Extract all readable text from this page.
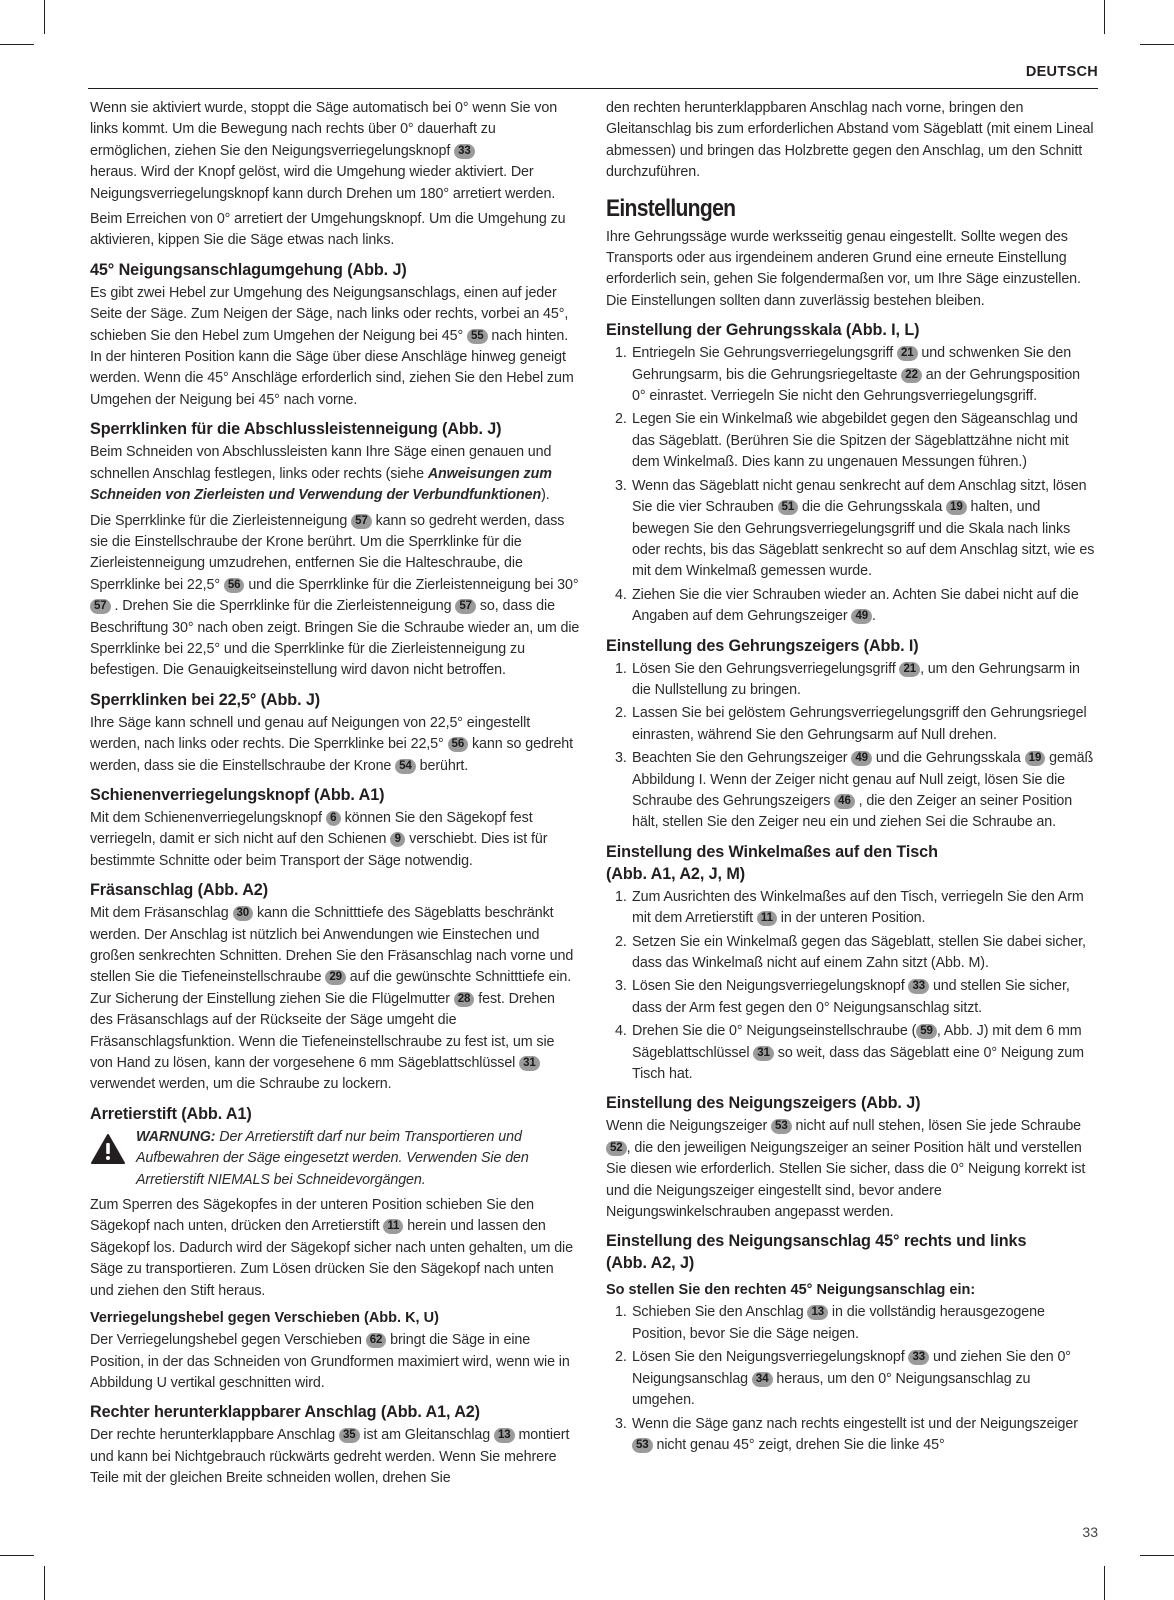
DEUTSCH

Wenn sie aktiviert wurde, stoppt die Säge automatisch bei 0° wenn Sie von links kommt. Um die Bewegung nach rechts über 0° dauerhaft zu ermöglichen, ziehen Sie den Neigungsverriegelungsknopf 33
heraus. Wird der Knopf gelöst, wird die Umgehung wieder aktiviert. Der Neigungsverriegelungsknopf kann durch Drehen um 180° arretiert werden.

Beim Erreichen von 0° arretiert der Umgehungsknopf. Um die Umgehung zu aktivieren, kippen Sie die Säge etwas nach links.

45° Neigungsanschlagumgehung (Abb. J)

Es gibt zwei Hebel zur Umgehung des Neigungsanschlags, einen auf jeder Seite der Säge. Zum Neigen der Säge, nach links oder rechts, vorbei an 45°, schieben Sie den Hebel zum Umgehen der Neigung bei 45° 55 nach hinten. In der hinteren Position kann die Säge über diese Anschläge hinweg geneigt werden. Wenn die 45° Anschläge erforderlich sind, ziehen Sie den Hebel zum Umgehen der Neigung bei 45° nach vorne.

Sperrklinken für die Abschlussleistenneigung (Abb. J)

Beim Schneiden von Abschlussleisten kann Ihre Säge einen genauen und schnellen Anschlag festlegen, links oder rechts (siehe Anweisungen zum Schneiden von Zierleisten und Verwendung der Verbundfunktionen).

Die Sperrklinke für die Zierleistenneigung 57 kann so gedreht werden, dass sie die Einstellschraube der Krone berührt. Um die Sperrklinke für die Zierleistenneigung umzudrehen, entfernen Sie die Halteschraube, die Sperrklinke bei 22,5° 56 und die Sperrklinke für die Zierleistenneigung bei 30° 57 . Drehen Sie die Sperrklinke für die Zierleistenneigung 57 so, dass die Beschriftung 30° nach oben zeigt. Bringen Sie die Schraube wieder an, um die Sperrklinke bei 22,5° und die Sperrklinke für die Zierleistenneigung zu befestigen. Die Genauigkeitseinstellung wird davon nicht betroffen.

Sperrklinken bei 22,5° (Abb. J)

Ihre Säge kann schnell und genau auf Neigungen von 22,5° eingestellt werden, nach links oder rechts. Die Sperrklinke bei 22,5° 56 kann so gedreht werden, dass sie die Einstellschraube der Krone 54 berührt.

Schienenverriegelungsknopf (Abb. A1)

Mit dem Schienenverriegelungsknopf 6 können Sie den Sägekopf fest verriegeln, damit er sich nicht auf den Schienen 9 verschiebt. Dies ist für bestimmte Schnitte oder beim Transport der Säge notwendig.

Fräsanschlag (Abb. A2)

Mit dem Fräsanschlag 30 kann die Schnitttiefe des Sägeblatts beschränkt werden. Der Anschlag ist nützlich bei Anwendungen wie Einstechen und großen senkrechten Schnitten. Drehen Sie den Fräsanschlag nach vorne und stellen Sie die Tiefeneinstellschraube 29 auf die gewünschte Schnitttiefe ein. Zur Sicherung der Einstellung ziehen Sie die Flügelmutter 28 fest. Drehen des Fräsanschlags auf der Rückseite der Säge umgeht die Fräsanschlagsfunktion. Wenn die Tiefeneinstellschraube zu fest ist, um sie von Hand zu lösen, kann der vorgesehene 6 mm Sägeblattschlüssel 31 verwendet werden, um die Schraube zu lockern.

Arretierstift (Abb. A1)

WARNUNG: Der Arretierstift darf nur beim Transportieren und Aufbewahren der Säge eingesetzt werden. Verwenden Sie den Arretierstift NIEMALS bei Schneidevorgängen.

Zum Sperren des Sägekopfes in der unteren Position schieben Sie den Sägekopf nach unten, drücken den Arretierstift 11 herein und lassen den Sägekopf los. Dadurch wird der Sägekopf sicher nach unten gehalten, um die Säge zu transportieren. Zum Lösen drücken Sie den Sägekopf nach unten und ziehen den Stift heraus.

Verriegelungshebel gegen Verschieben (Abb. K, U)

Der Verriegelungshebel gegen Verschieben 62 bringt die Säge in eine Position, in der das Schneiden von Grundformen maximiert wird, wenn wie in Abbildung U vertikal geschnitten wird.

Rechter herunterklappbarer Anschlag (Abb. A1, A2)

Der rechte herunterklappbare Anschlag 35 ist am Gleitanschlag 13 montiert und kann bei Nichtgebrauch rückwärts gedreht werden. Wenn Sie mehrere Teile mit der gleichen Breite schneiden wollen, drehen Sie

den rechten herunterklappbaren Anschlag nach vorne, bringen den Gleitanschlag bis zum erforderlichen Abstand vom Sägeblatt (mit einem Lineal abmessen) und bringen das Holzbrette gegen den Anschlag, um den Schnitt durchzuführen.

Einstellungen

Ihre Gehrungssäge wurde werksseitig genau eingestellt. Sollte wegen des Transports oder aus irgendeinem anderen Grund eine erneute Einstellung erforderlich sein, gehen Sie folgendermaßen vor, um Ihre Säge einzustellen. Die Einstellungen sollten dann zuverlässig bestehen bleiben.

Einstellung der Gehrungsskala (Abb. I, L)
1. Entriegeln Sie Gehrungsverriegelungsgriff 21 und schwenken Sie den Gehrungsarm, bis die Gehrungsriegeltaste 22 an der Gehrungsposition 0° einrastet. Verriegeln Sie nicht den Gehrungsverriegelungsgriff.
2. Legen Sie ein Winkelmaß wie abgebildet gegen den Sägeanschlag und das Sägeblatt. (Berühren Sie die Spitzen der Sägeblattzähne nicht mit dem Winkelmaß. Dies kann zu ungenauen Messungen führen.)
3. Wenn das Sägeblatt nicht genau senkrecht auf dem Anschlag sitzt, lösen Sie die vier Schrauben 51 die die Gehrungsskala 19 halten, und bewegen Sie den Gehrungsverriegelungsgriff und die Skala nach links oder rechts, bis das Sägeblatt senkrecht so auf dem Anschlag sitzt, wie es mit dem Winkelmaß gemessen wurde.
4. Ziehen Sie die vier Schrauben wieder an. Achten Sie dabei nicht auf die Angaben auf dem Gehrungszeiger 49 .
Einstellung des Gehrungszeigers (Abb. I)
1. Lösen Sie den Gehrungsverriegelungsgriff 21 , um den Gehrungsarm in die Nullstellung zu bringen.
2. Lassen Sie bei gelöstem Gehrungsverriegelungsgriff den Gehrungsriegel einrasten, während Sie den Gehrungsarm auf Null drehen.
3. Beachten Sie den Gehrungszeiger 49 und die Gehrungsskala 19 gemäß Abbildung I. Wenn der Zeiger nicht genau auf Null zeigt, lösen Sie die Schraube des Gehrungszeigers 46 , die den Zeiger an seiner Position hält, stellen Sie den Zeiger neu ein und ziehen Sei die Schraube an.
Einstellung des Winkelmaßes auf den Tisch
(Abb. A1, A2, J, M)
1. Zum Ausrichten des Winkelmaßes auf den Tisch, verriegeln Sie den Arm mit dem Arretierstift 11 in der unteren Position.
2. Setzen Sie ein Winkelmaß gegen das Sägeblatt, stellen Sie dabei sicher, dass das Winkelmaß nicht auf einem Zahn sitzt (Abb. M).
3. Lösen Sie den Neigungsverriegelungsknopf 33 und stellen Sie sicher, dass der Arm fest gegen den 0° Neigungsanschlag sitzt.
4. Drehen Sie die 0° Neigungseinstellschraube ( 59 , Abb. J) mit dem 6 mm Sägeblattschlüssel 31 so weit, dass das Sägeblatt eine 0° Neigung zum Tisch hat.
Einstellung des Neigungszeigers (Abb. J)

Wenn die Neigungszeiger 53 nicht auf null stehen, lösen Sie jede Schraube 52 , die den jeweiligen Neigungszeiger an seiner Position hält und verstellen Sie diesen wie erforderlich. Stellen Sie sicher, dass die 0° Neigung korrekt ist und die Neigungszeiger eingestellt sind, bevor andere Neigungswinkelschrauben angepasst werden.

Einstellung des Neigungsanschlag 45° rechts und links
(Abb. A2, J)
So stellen Sie den rechten 45° Neigungsanschlag ein:
1. Schieben Sie den Anschlag 13 in die vollständig herausgezogene Position, bevor Sie die Säge neigen.
2. Lösen Sie den Neigungsverriegelungsknopf 33 und ziehen Sie den 0° Neigungsanschlag 34 heraus, um den 0° Neigungsanschlag zu umgehen.
3. Wenn die Säge ganz nach rechts eingestellt ist und der Neigungszeiger 53 nicht genau 45° zeigt, drehen Sie die linke 45°
33
